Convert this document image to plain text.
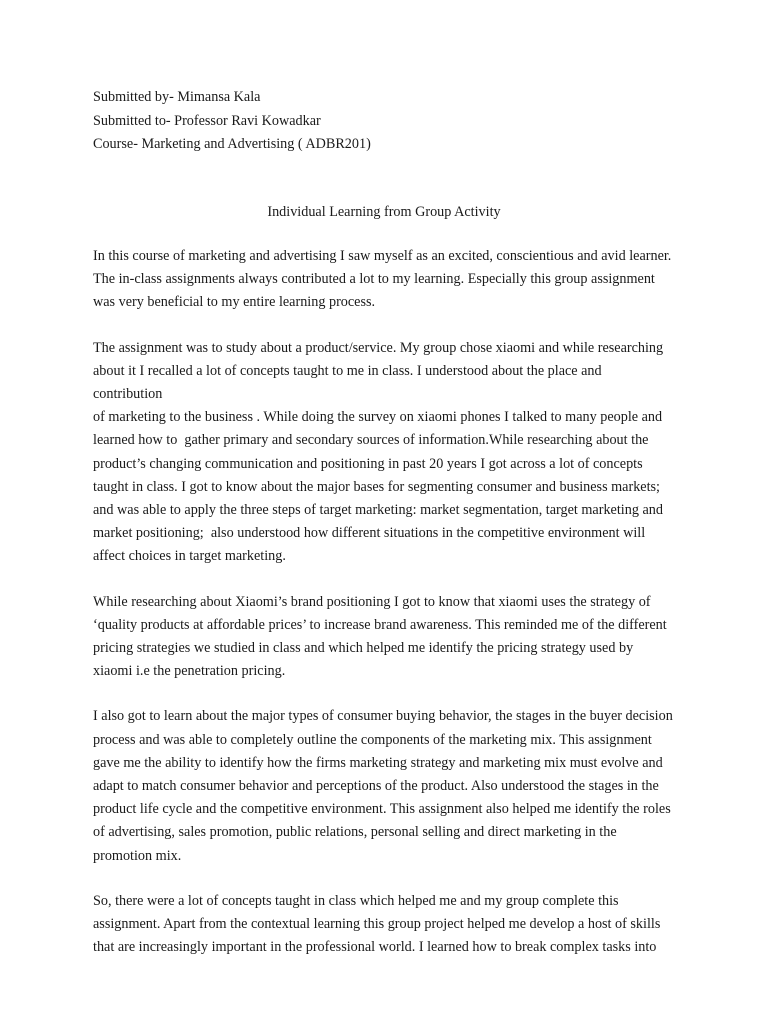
Submitted by- Mimansa Kala

Submitted to- Professor Ravi Kowadkar

Course- Marketing and Advertising ( ADBR201)

Individual Learning from Group Activity

In this course of marketing and advertising I saw myself as an excited, conscientious and avid learner.
The in-class assignments always contributed a lot to my learning. Especially this group assignment
was very beneficial to my entire learning process.

The assignment was to study about a product/service. My group chose xiaomi and while researching
about it I recalled a lot of concepts taught to me in class. I understood about the place and contribution
of marketing to the business . While doing the survey on xiaomi phones I talked to many people and
learned how to  gather primary and secondary sources of information.While researching about the
product’s changing communication and positioning in past 20 years I got across a lot of concepts
taught in class. I got to know about the major bases for segmenting consumer and business markets;
and was able to apply the three steps of target marketing: market segmentation, target marketing and
market positioning;  also understood how different situations in the competitive environment will
affect choices in target marketing.

While researching about Xiaomi’s brand positioning I got to know that xiaomi uses the strategy of
‘quality products at affordable prices’ to increase brand awareness. This reminded me of the different
pricing strategies we studied in class and which helped me identify the pricing strategy used by
xiaomi i.e the penetration pricing.

I also got to learn about the major types of consumer buying behavior, the stages in the buyer decision
process and was able to completely outline the components of the marketing mix. This assignment
gave me the ability to identify how the firms marketing strategy and marketing mix must evolve and
adapt to match consumer behavior and perceptions of the product. Also understood the stages in the
product life cycle and the competitive environment. This assignment also helped me identify the roles
of advertising, sales promotion, public relations, personal selling and direct marketing in the
promotion mix.

So, there were a lot of concepts taught in class which helped me and my group complete this
assignment. Apart from the contextual learning this group project helped me develop a host of skills
that are increasingly important in the professional world. I learned how to break complex tasks into
